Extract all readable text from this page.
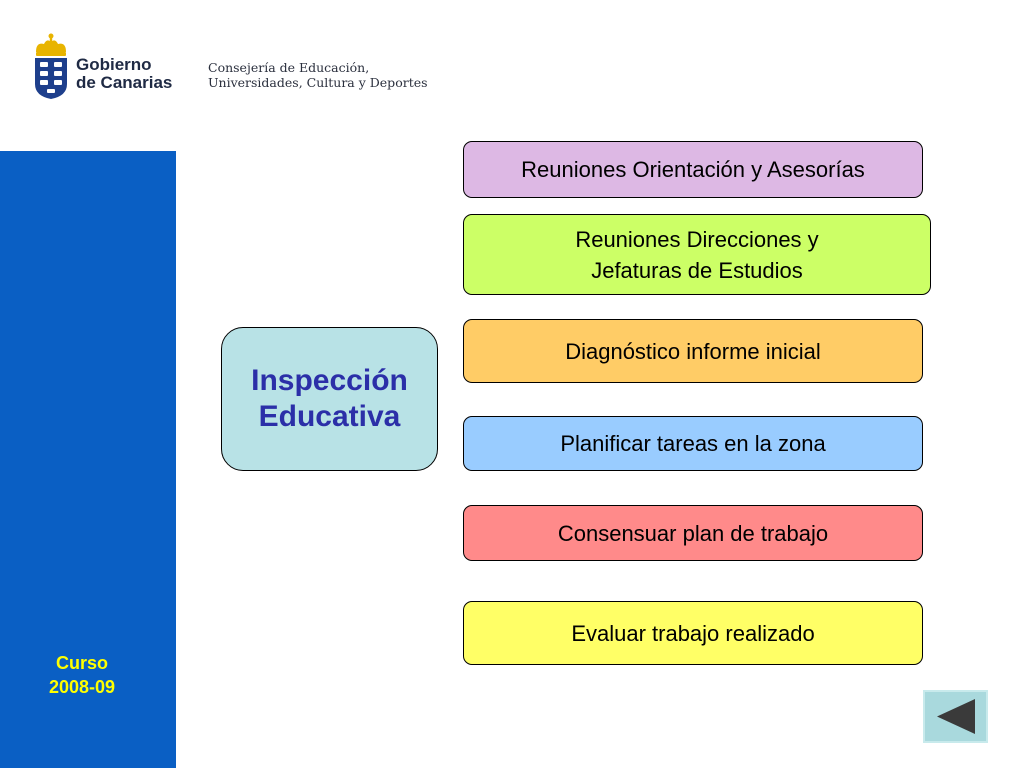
Gobierno
de Canarias
Consejería de Educación,
Universidades, Cultura y Deportes
Curso
2008-09
Inspección
Educativa
Reuniones Orientación y Asesorías
Reuniones Direcciones y
Jefaturas de Estudios
Diagnóstico informe inicial
Planificar tareas en la zona
Consensuar plan de trabajo
Evaluar trabajo realizado
